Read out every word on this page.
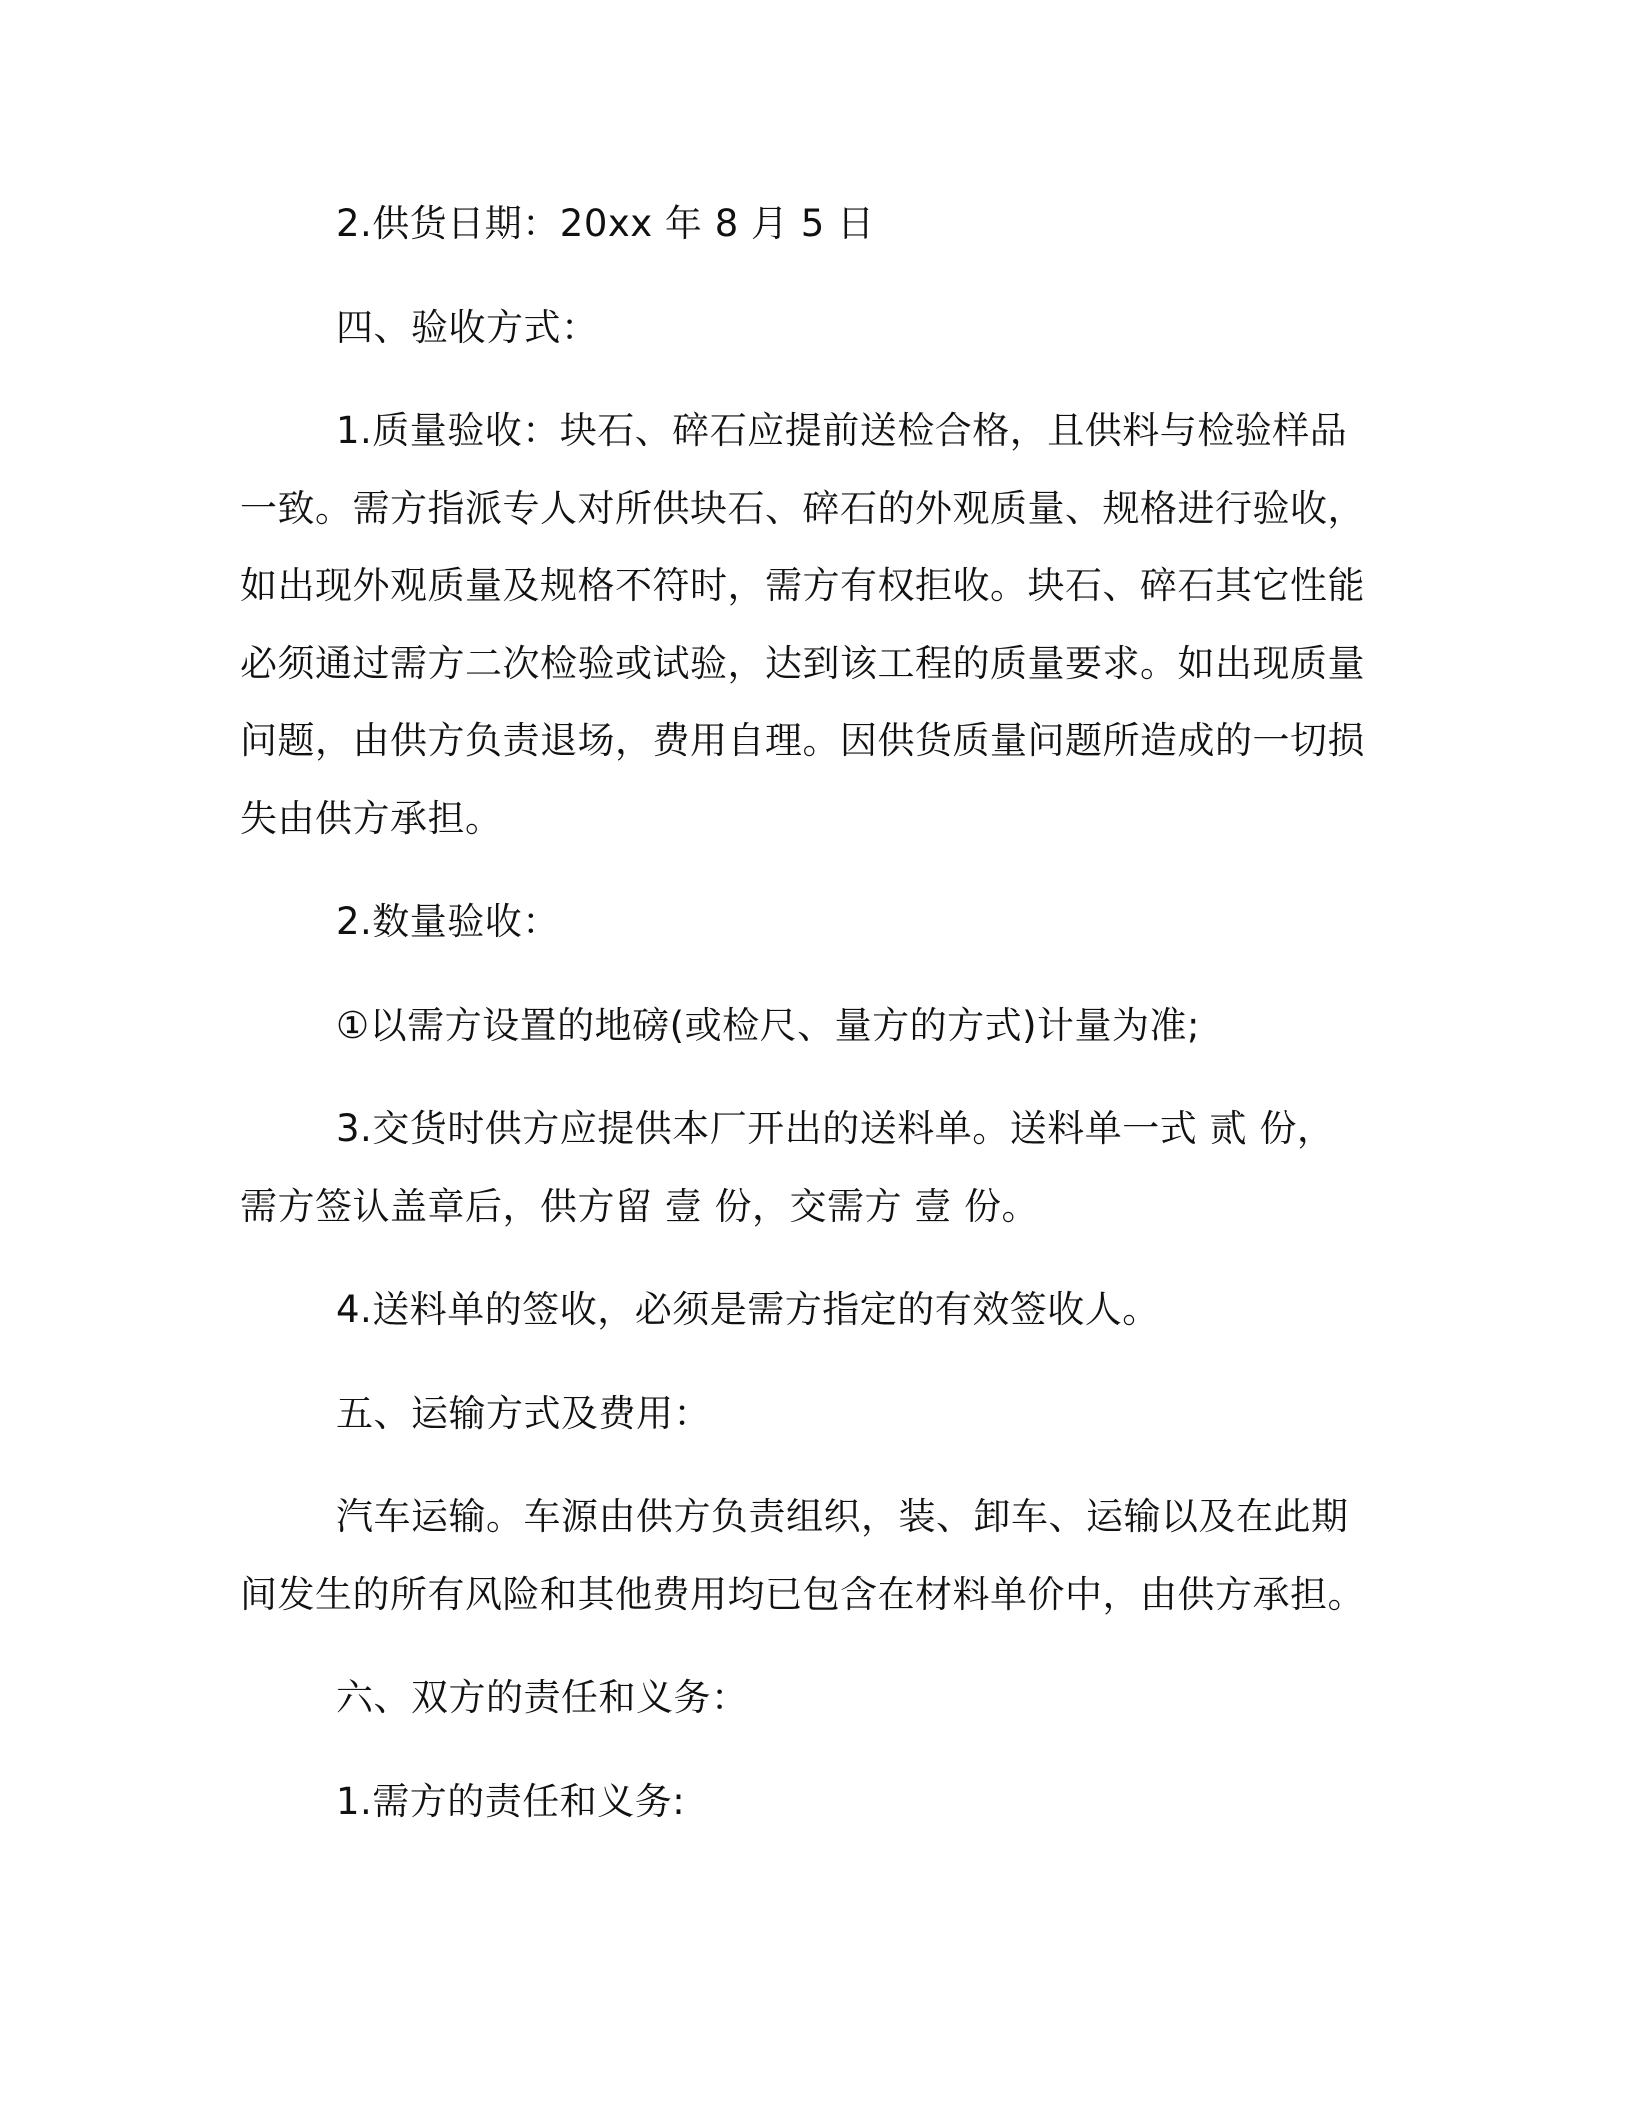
2.供货日期：20xx 年 8 月 5 日

四、验收方式：

1.质量验收：块石、碎石应提前送检合格，且供料与检验样品一致。需方指派专人对所供块石、碎石的外观质量、规格进行验收，如出现外观质量及规格不符时，需方有权拒收。块石、碎石其它性能必须通过需方二次检验或试验，达到该工程的质量要求。如出现质量问题，由供方负责退场，费用自理。因供货质量问题所造成的一切损失由供方承担。

2.数量验收：

①以需方设置的地磅(或检尺、量方的方式)计量为准;

3.交货时供方应提供本厂开出的送料单。送料单一式 贰 份，需方签认盖章后，供方留 壹 份，交需方 壹 份。

4.送料单的签收，必须是需方指定的有效签收人。

五、运输方式及费用：

汽车运输。车源由供方负责组织，装、卸车、运输以及在此期间发生的所有风险和其他费用均已包含在材料单价中，由供方承担。

六、双方的责任和义务：

1.需方的责任和义务:
